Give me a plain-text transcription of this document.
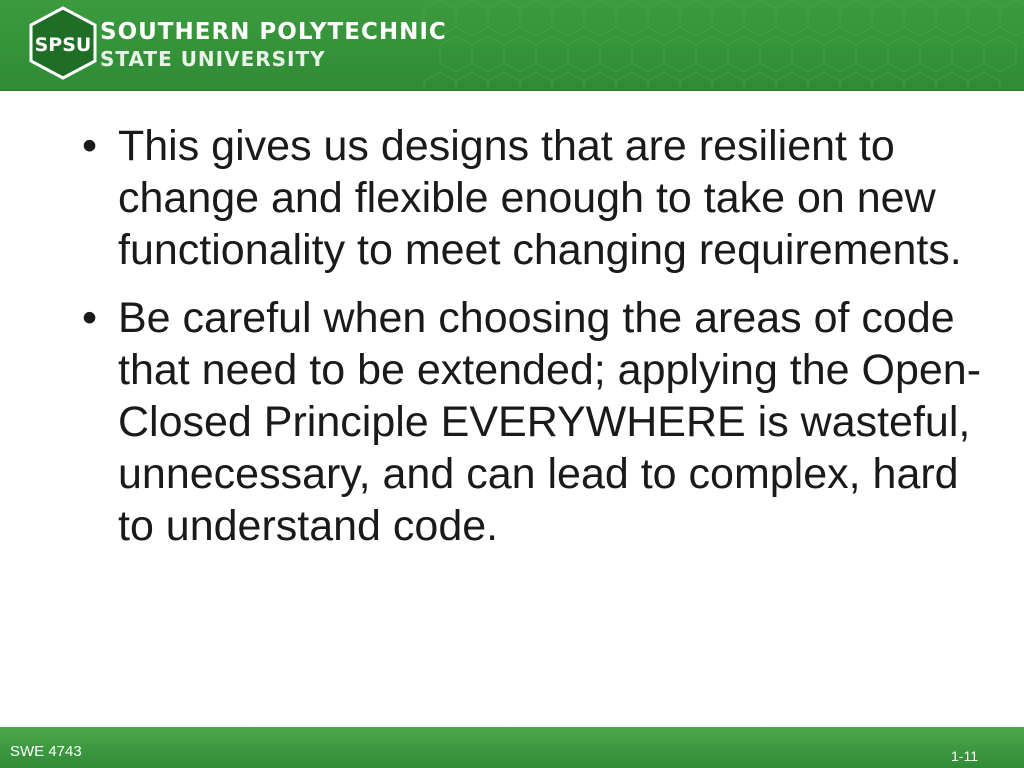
SPSU SOUTHERN POLYTECHNIC
STATE UNIVERSITY
• This gives us designs that are resilient to change and flexible enough to take on new functionality to meet changing requirements.
• Be careful when choosing the areas of code that need to be extended; applying the Open-Closed Principle EVERYWHERE is wasteful, unnecessary, and can lead to complex, hard to understand code.
SWE 4743	1-11
